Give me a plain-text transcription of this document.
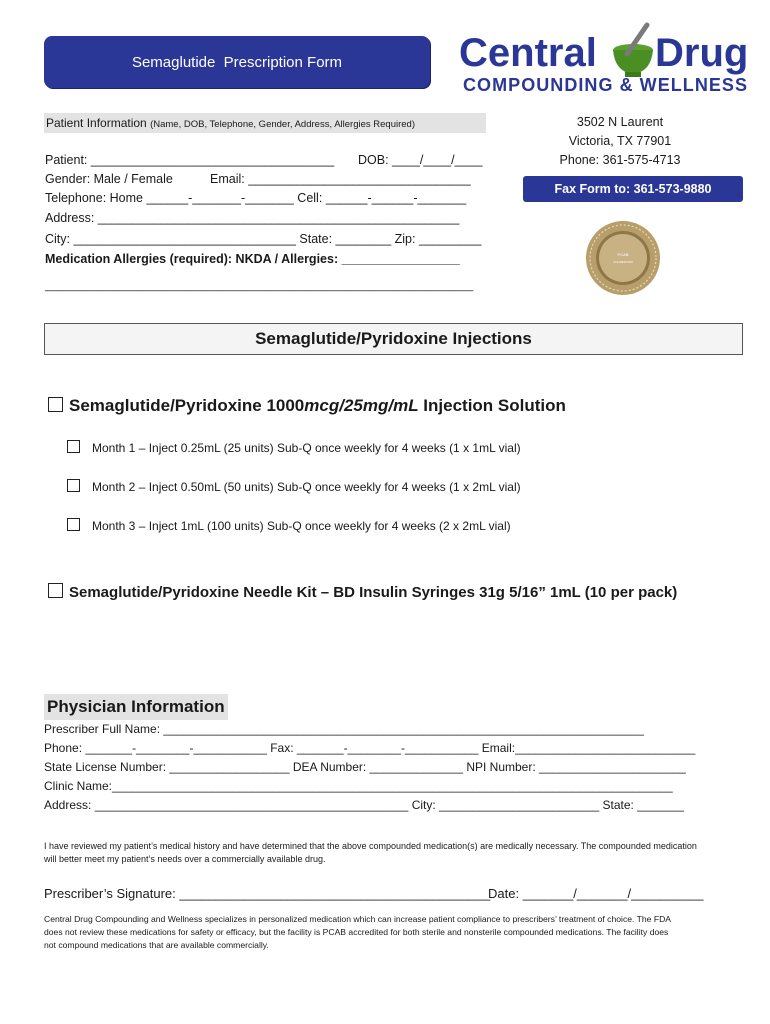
Semaglutide  Prescription Form	Central Drug
COMPOUNDING & WELLNESS
Patient Information (Name, DOB, Telephone, Gender, Address, Allergies Required)
Patient: ___________________________________ DOB: ____/____/____
Gender: Male / Female	Email: ________________________________
Telephone: Home ______-_______-_______ Cell: ______-______-_______
Address: ____________________________________________________
City: ________________________________ State: ________ Zip: _________
Medication Allergies (required): NKDA / Allergies: _________________
______________________________________________________________________
3502 N Laurent
Victoria, TX 77901
Phone: 361-575-4713
Fax Form to: 361-573-9880
PCAB
ACCREDITED
Semaglutide/Pyridoxine Injections
Semaglutide/Pyridoxine 1000mcg/25mg/mL Injection Solution
Month 1 – Inject 0.25mL (25 units) Sub-Q once weekly for 4 weeks (1 x 1mL vial)
Month 2 – Inject 0.50mL (50 units) Sub-Q once weekly for 4 weeks (1 x 2mL vial)
Month 3 – Inject 1mL (100 units) Sub-Q once weekly for 4 weeks (2 x 2mL vial)
Semaglutide/Pyridoxine Needle Kit – BD Insulin Syringes 31g 5/16” 1mL (10 per pack)
Physician Information
Prescriber Full Name: ________________________________________________________________________
Phone: _______-________-___________ Fax: _______-________-___________ Email:___________________________
State License Number: __________________ DEA Number: ______________ NPI Number: ______________________
Clinic Name:____________________________________________________________________________________
Address: _______________________________________________ City: ________________________ State: _______
I have reviewed my patient’s medical history and have determined that the above compounded medication(s) are medically necessary. The compounded medication
will better meet my patient’s needs over a commercially available drug.
Prescriber’s Signature: ___________________________________________
Date: _______/_______/__________
Central Drug Compounding and Wellness specializes in personalized medication which can increase patient compliance to prescribers’ treatment of choice. The FDA
does not review these medications for safety or efficacy, but the facility is PCAB accredited for both sterile and nonsterile compounded medications. The facility does
not compound medications that are available commercially.
